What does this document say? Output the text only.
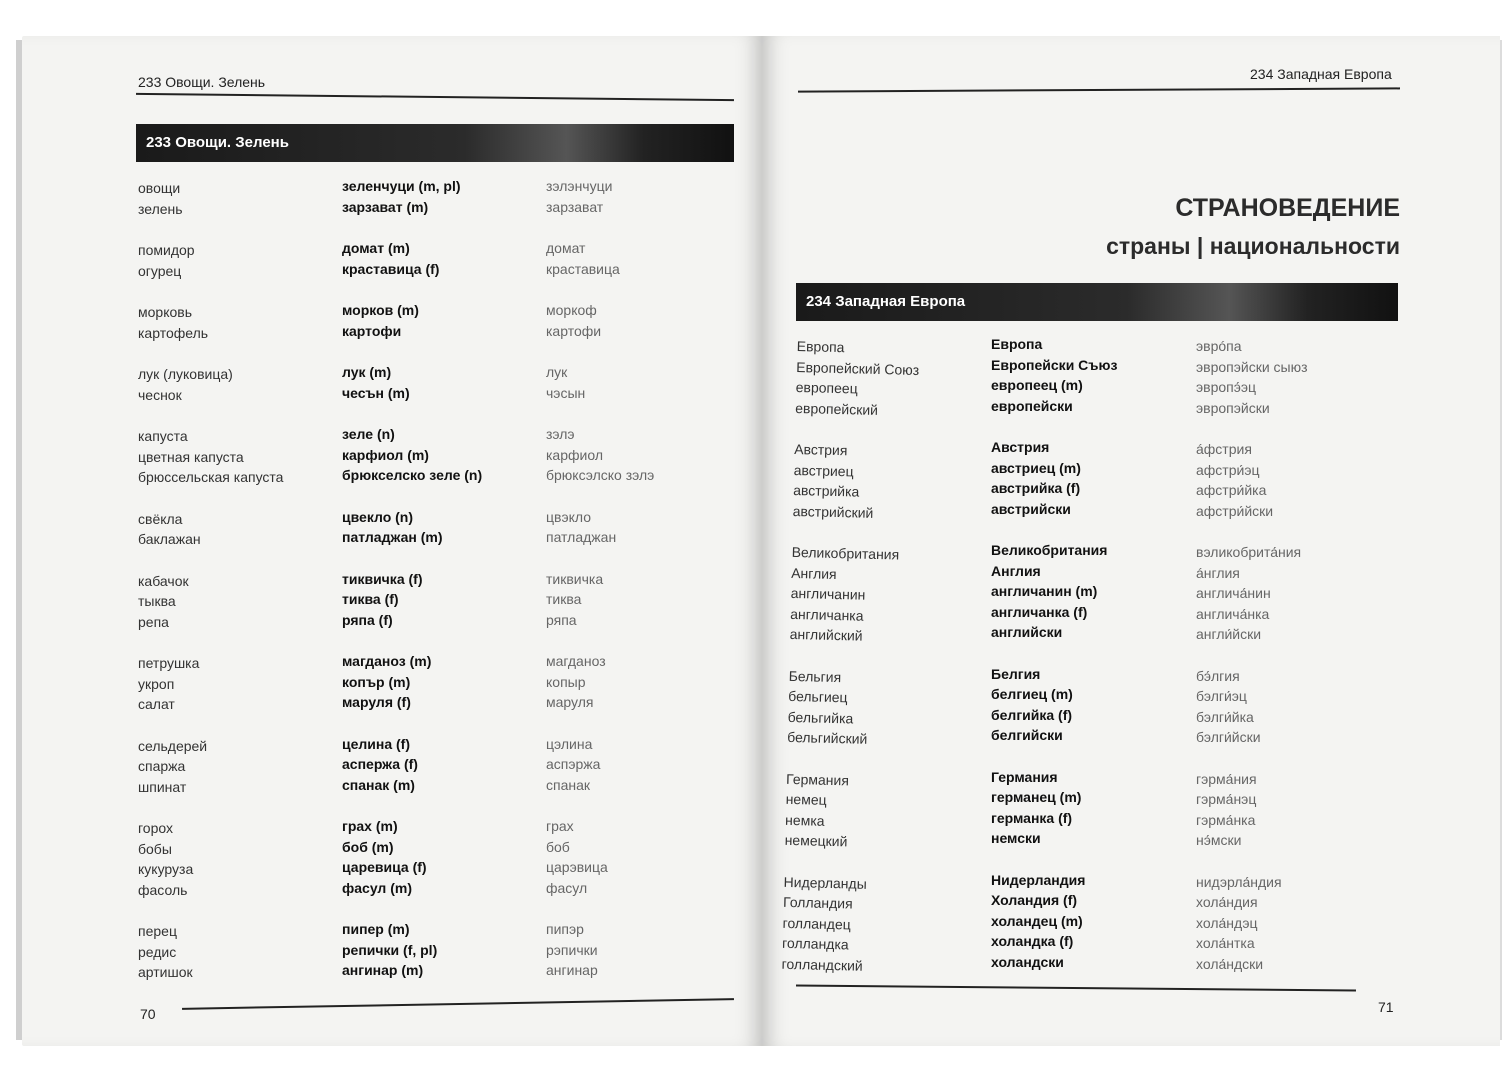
233 Овощи. Зелень
233 Овощи. Зелень
овощи
зелень
помидор
огурец
морковь
картофель
лук (луковица)
чеснок
капуста
цветная капуста
брюссельская капуста
свёкла
баклажан
кабачок
тыква
репа
петрушка
укроп
салат
сельдерей
спаржа
шпинат
горох
бобы
кукуруза
фасоль
перец
редис
артишок
зеленчуци (m, pl)
зарзават (m)
домат (m)
краставица (f)
морков (m)
картофи
лук (m)
чесън (m)
зеле (n)
карфиол (m)
брюкселско зеле (n)
цвекло (n)
патладжан (m)
тиквичка (f)
тиква (f)
ряпа (f)
магданоз (m)
копър (m)
маруля (f)
целина (f)
аспержа (f)
спанак (m)
грах (m)
боб (m)
царевица (f)
фасул (m)
пипер (m)
репички (f, pl)
ангинар (m)
зэлэнчуци
зарзават
домат
краставица
моркоф
картофи
лук
чэсын
зэлэ
карфиол
брюксэлско зэлэ
цвэкло
патладжан
тиквичка
тиква
ряпа
магданоз
копыр
маруля
цэлина
аспэржа
спанак
грах
боб
царэвица
фасул
пипэр
рэпички
ангинар
70
234 Западная Европа
СТРАНОВЕДЕНИЕ
страны | национальности
234 Западная Европа
Европа
Европейский Союз
европеец
европейский
Австрия
австриец
австрийка
австрийский
Великобритания
Англия
англичанин
англичанка
английский
Бельгия
бельгиец
бельгийка
бельгийский
Германия
немец
немка
немецкий
Нидерланды
Голландия
голландец
голландка
голландский
Европа
Европейски Съюз
европеец (m)
европейски
Австрия
австриец (m)
австрийка (f)
австрийски
Великобритания
Англия
англичанин (m)
англичанка (f)
английски
Белгия
белгиец (m)
белгийка (f)
белгийски
Германия
германец (m)
германка (f)
немски
Нидерландия
Холандия (f)
холандец (m)
холандка (f)
холандски
эврóпа
эвропэйски сыюз
эвропэ́эц
эвропэйски
áфстрия
афстри́эц
афстри́йка
афстри́йски
вэликобрита́ния
áнглия
англича́нин
англича́нка
англи́йски
бэ́лгия
бэлги́эц
бэлги́йка
бэлги́йски
гэрма́ния
гэрма́нэц
гэрма́нка
нэ́мски
нидэрла́ндия
хола́ндия
хола́ндэц
хола́нтка
хола́ндски
71
